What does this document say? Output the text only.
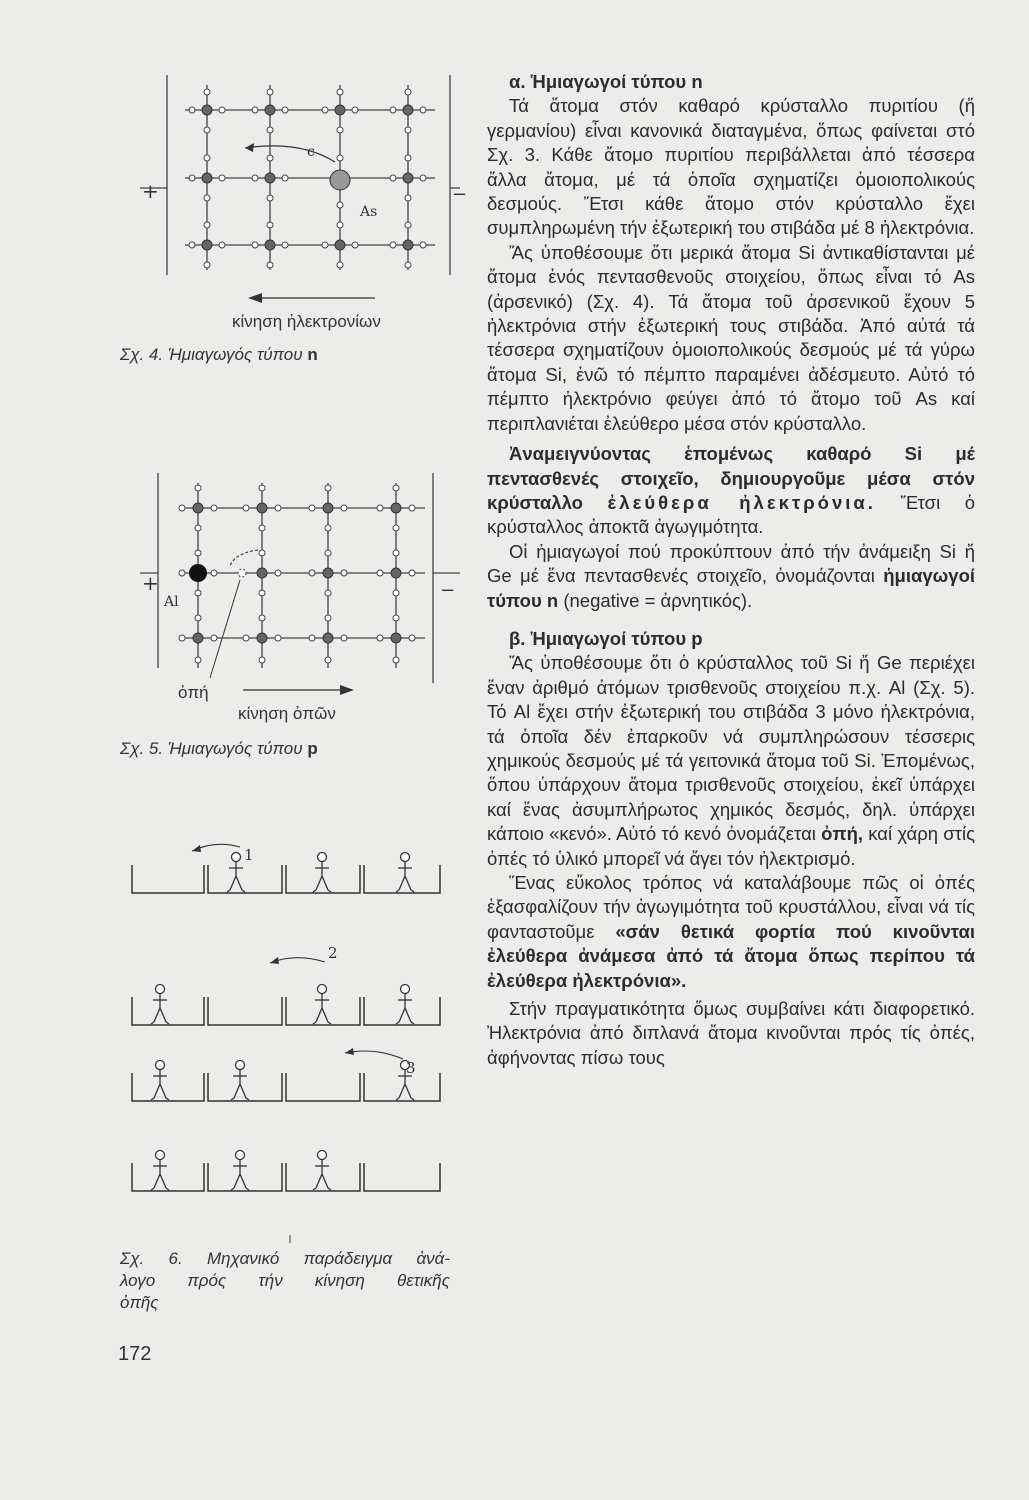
+	−
c
As
κίνηση ἠλεκτρονίων
Σχ. 4. Ἡμιαγωγός τύπου n
+	−
Al
ὀπή
κίνηση ὀπῶν
Σχ. 5. Ἡμιαγωγός τύπου p
1
2
3
Σχ. 6. Μηχανικό παράδειγμα ἀνά-
λογο πρός τήν κίνηση θετικῆς
ὀπῆς
172
α. Ἡμιαγωγοί τύπου n

Τά ἄτομα στόν καθαρό κρύσταλλο πυριτίου (ἤ γερμανίου) εἶναι κανονικά διαταγμένα, ὅπως φαίνεται στό Σχ. 3. Κάθε ἄτομο πυριτίου περιβάλλεται ἀπό τέσσερα ἄλλα ἄτομα, μέ τά ὁποῖα σχηματίζει ὁμοιοπολικούς δεσμούς. Ἔτσι κάθε ἄτομο στόν κρύσταλλο ἔχει συμπληρωμένη τήν ἐξωτερική του στιβάδα μέ 8 ἠλεκτρόνια.

Ἄς ὑποθέσουμε ὅτι μερικά ἄτομα Si ἀντικαθίστανται μέ ἄτομα ἑνός πεντασθενοῦς στοιχείου, ὅπως εἶναι τό As (ἀρσενικό) (Σχ. 4). Τά ἄτομα τοῦ ἀρσενικοῦ ἔχουν 5 ἠλεκτρόνια στήν ἐξωτερική τους στιβάδα. Ἀπό αὐτά τά τέσσερα σχηματίζουν ὁμοιοπολικούς δεσμούς μέ τά γύρω ἄτομα Si, ἐνῶ τό πέμπτο παραμένει ἀδέσμευτο. Αὐτό τό πέμπτο ἠλεκτρόνιο φεύγει ἀπό τό ἄτομο τοῦ As καί περιπλανιέται ἐλεύθερο μέσα στόν κρύσταλλο.

Ἀναμειγνύοντας ἑπομένως καθαρό Si μέ πεντασθενές στοιχεῖο, δημιουργοῦμε μέσα στόν κρύσταλλο ἐλεύθερα ἠλεκτρόνια. Ἔτσι ὁ κρύσταλλος ἀποκτᾶ ἀγωγιμότητα.

Οἱ ἡμιαγωγοί πού προκύπτουν ἀπό τήν ἀνάμειξη Si ἤ Ge μέ ἕνα πεντασθενές στοιχεῖο, ὀνομάζονται ἡμιαγωγοί τύπου n (negative = ἀρνητικός).

β. Ἡμιαγωγοί τύπου p

Ἄς ὑποθέσουμε ὅτι ὁ κρύσταλλος τοῦ Si ἤ Ge περιέχει ἕναν ἀριθμό ἀτόμων τρισθενοῦς στοιχείου π.χ. Al (Σχ. 5). Τό Al ἔχει στήν ἐξωτερική του στιβάδα 3 μόνο ἠλεκτρόνια, τά ὁποῖα δέν ἐπαρκοῦν νά συμπληρώσουν τέσσερις χημικούς δεσμούς μέ τά γειτονικά ἄτομα τοῦ Si. Ἑπομένως, ὅπου ὑπάρχουν ἄτομα τρισθενοῦς στοιχείου, ἐκεῖ ὑπάρχει καί ἕνας ἀσυμπλήρωτος χημικός δεσμός, δηλ. ὑπάρχει κάποιο «κενό». Αὐτό τό κενό ὀνομάζεται ὀπή, καί χάρη στίς ὀπές τό ὑλικό μπορεῖ νά ἄγει τόν ἠλεκτρισμό.

Ἕνας εὔκολος τρόπος νά καταλάβουμε πῶς οἱ ὀπές ἐξασφαλίζουν τήν ἀγωγιμότητα τοῦ κρυστάλλου, εἶναι νά τίς φανταστοῦμε «σάν θετικά φορτία πού κινοῦνται ἐλεύθερα ἀνάμεσα ἀπό τά ἄτομα ὅπως περίπου τά ἐλεύθερα ἠλεκτρόνια».

Στήν πραγματικότητα ὅμως συμβαίνει κάτι διαφορετικό. Ἠλεκτρόνια ἀπό διπλανά ἄτομα κινοῦνται πρός τίς ὀπές, ἀφήνοντας πίσω τους
